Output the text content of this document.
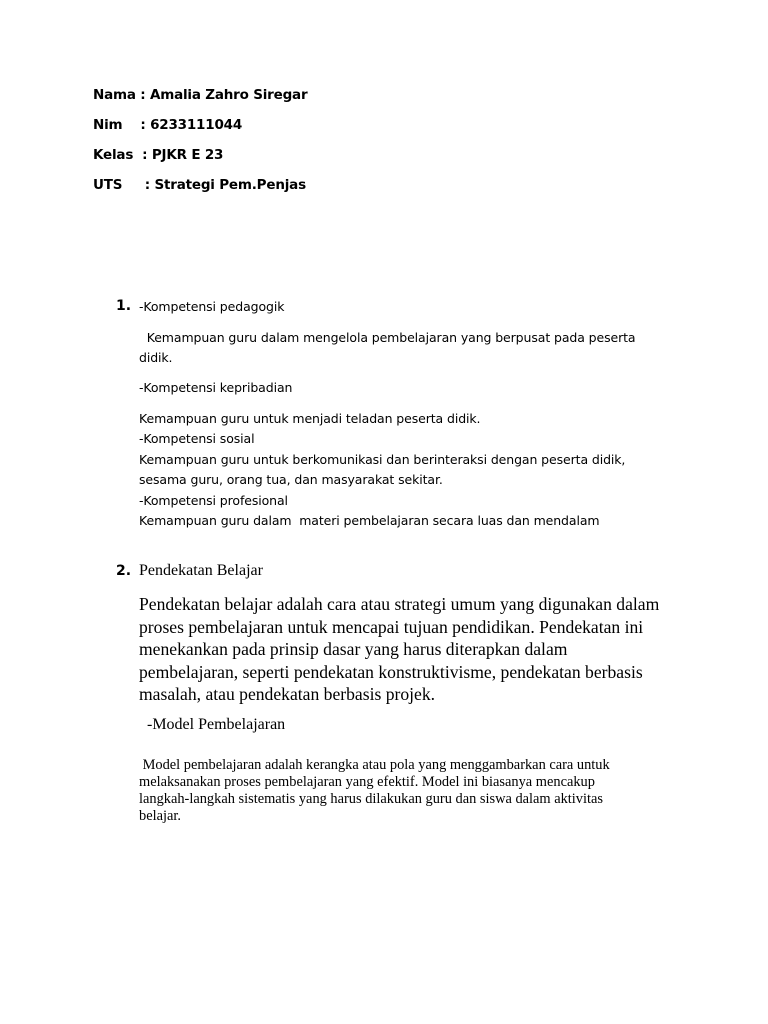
Nama : Amalia Zahro Siregar
Nim    : 6233111044
Kelas  : PJKR E 23
UTS     : Strategi Pem.Penjas
1. -Kompetensi pedagogik
Kemampuan guru dalam mengelola pembelajaran yang berpusat pada peserta
didik.
-Kompetensi kepribadian
Kemampuan guru untuk menjadi teladan peserta didik.
-Kompetensi sosial
Kemampuan guru untuk berkomunikasi dan berinteraksi dengan peserta didik,
sesama guru, orang tua, dan masyarakat sekitar.
-Kompetensi profesional
Kemampuan guru dalam  materi pembelajaran secara luas dan mendalam
2. Pendekatan Belajar
Pendekatan belajar adalah cara atau strategi umum yang digunakan dalam
proses pembelajaran untuk mencapai tujuan pendidikan. Pendekatan ini
menekankan pada prinsip dasar yang harus diterapkan dalam
pembelajaran, seperti pendekatan konstruktivisme, pendekatan berbasis
masalah, atau pendekatan berbasis projek.
-Model Pembelajaran
Model pembelajaran adalah kerangka atau pola yang menggambarkan cara untuk
melaksanakan proses pembelajaran yang efektif. Model ini biasanya mencakup
langkah-langkah sistematis yang harus dilakukan guru dan siswa dalam aktivitas
belajar.
